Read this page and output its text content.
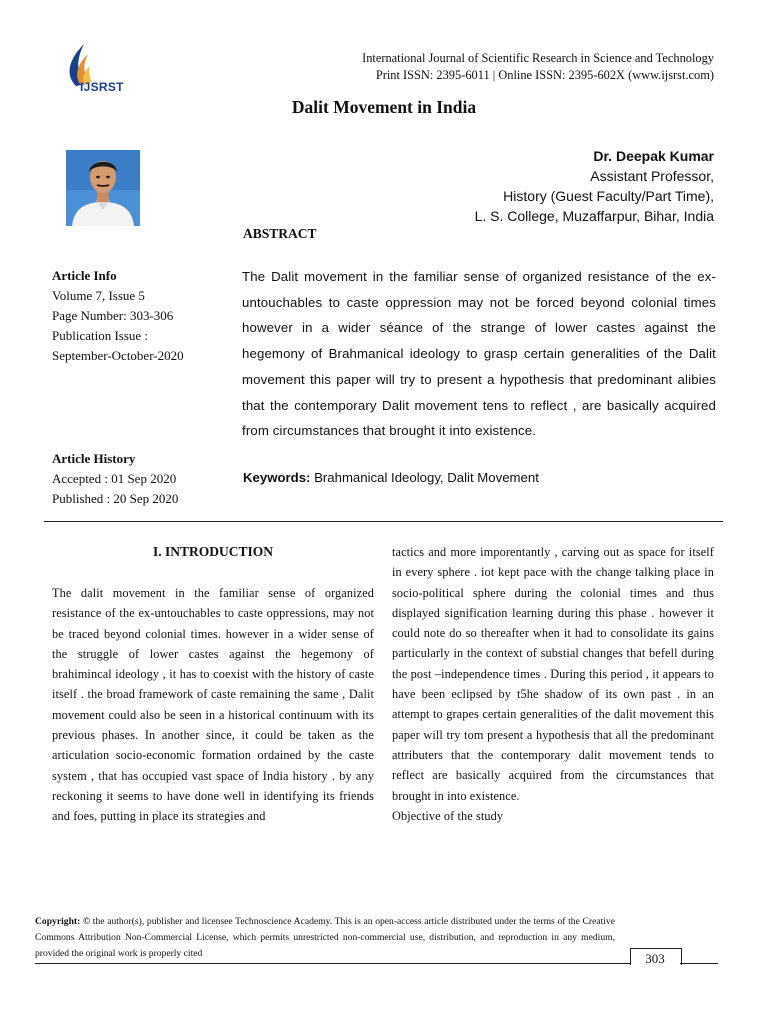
IJSRST
International Journal of Scientific Research in Science and Technology
Print ISSN: 2395-6011 | Online ISSN: 2395-602X (www.ijsrst.com)
Dalit Movement in India
Dr. Deepak Kumar
Assistant Professor,
History (Guest Faculty/Part Time),
L. S. College, Muzaffarpur, Bihar, India
ABSTRACT
Article Info
Volume 7, Issue 5
Page Number: 303-306
Publication Issue :
September-October-2020
Article History
Accepted : 01 Sep 2020
Published : 20 Sep 2020
The Dalit movement in the familiar sense of organized resistance of the ex-untouchables to caste oppression may not be forced beyond colonial times however in a wider séance of the strange of lower castes against the hegemony of Brahmanical ideology to grasp certain generalities of the Dalit movement this paper will try to present a hypothesis that predominant alibies that the contemporary Dalit movement tens to reflect , are basically acquired from circumstances that brought it into existence.
Keywords: Brahmanical Ideology, Dalit Movement
I. INTRODUCTION
The dalit movement in the familiar sense of organized resistance of the ex-untouchables to caste oppressions, may not be traced beyond colonial times. however in a wider sense of the struggle of lower castes against the hegemony of brahimincal ideology , it has to coexist with the history of caste itself . the broad framework of caste remaining the same , Dalit movement could also be seen in a historical continuum with its previous phases. In another since, it could be taken as the articulation socio-economic formation ordained by the caste system , that has occupied vast space of India history . by any reckoning it seems to have done well in identifying its friends and foes, putting in place its strategies and
tactics and more imporentantly , carving out as space for itself in every sphere . iot kept pace with the change talking place in socio-political sphere during the colonial times and thus displayed signification learning during this phase . however it could note do so thereafter when it had to consolidate its gains particularly in the context of substial changes that befell during the post –independence times . During this period , it appears to have been eclipsed by t5he shadow of its own past . in an attempt to grapes certain generalities of the dalit movement this paper will try tom present a hypothesis that all the predominant attributers that the contemporary dalit movement tends to reflect are basically acquired from the circumstances that brought in into existence.
Objective of the study
Copyright: © the author(s), publisher and licensee Technoscience Academy. This is an open-access article distributed under the terms of the Creative Commons Attribution Non-Commercial License, which permits unrestricted non-commercial use, distribution, and reproduction in any medium, provided the original work is properly cited	303
